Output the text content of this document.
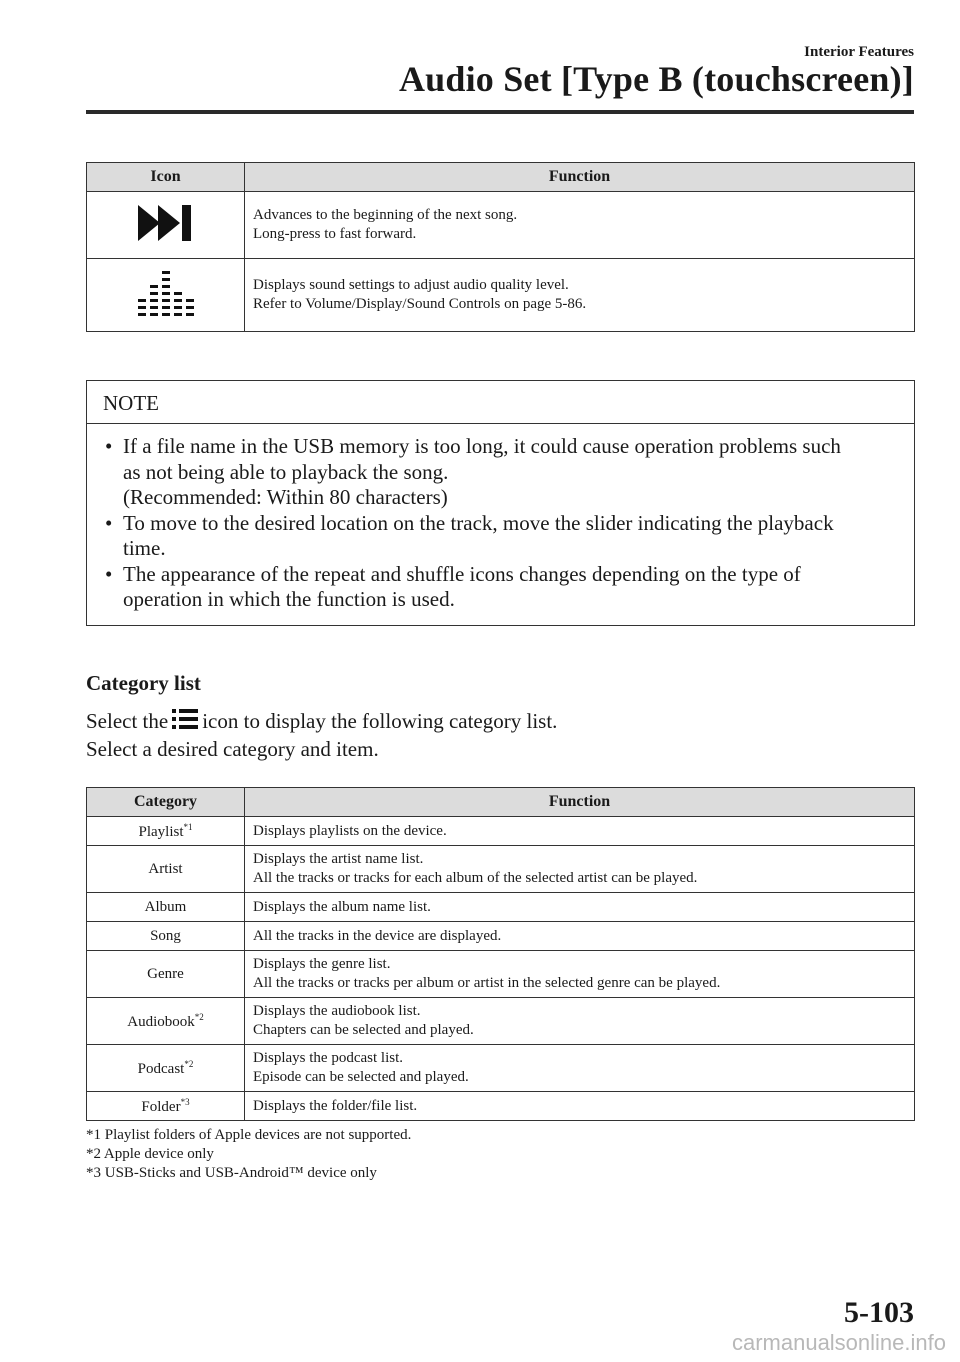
Interior Features
Audio Set [Type B (touchscreen)]
Icon	Function

Advances to the beginning of the next song.
Long-press to fast forward.

Displays sound settings to adjust audio quality level.
Refer to Volume/Display/Sound Controls on page 5-86.
NOTE
• If a file name in the USB memory is too long, it could cause operation problems such
as not being able to playback the song.
(Recommended: Within 80 characters)
• To move to the desired location on the track, move the slider indicating the playback
time.
• The appearance of the repeat and shuffle icons changes depending on the type of
operation in which the function is used.
Category list
Select the icon to display the following category list.
Select a desired category and item.
Category	Function
Playlist$^{*1}$	Displays playlists on the device.

Artist	Displays the artist name list.
All the tracks or tracks for each album of the selected artist can be played.

Album	Displays the album name list.

Song	All the tracks in the device are displayed.

Genre	Displays the genre list.
All the tracks or tracks per album or artist in the selected genre can be played.

Audiobook$^{*2}$	Displays the audiobook list.
Chapters can be selected and played.

Podcast$^{*2}$	Displays the podcast list.
Episode can be selected and played.

Folder$^{*3}$	Displays the folder/file list.
*1 Playlist folders of Apple devices are not supported.
*2 Apple device only
*3 USB-Sticks and USB-Android™ device only
5-103
carmanualsonline.info
